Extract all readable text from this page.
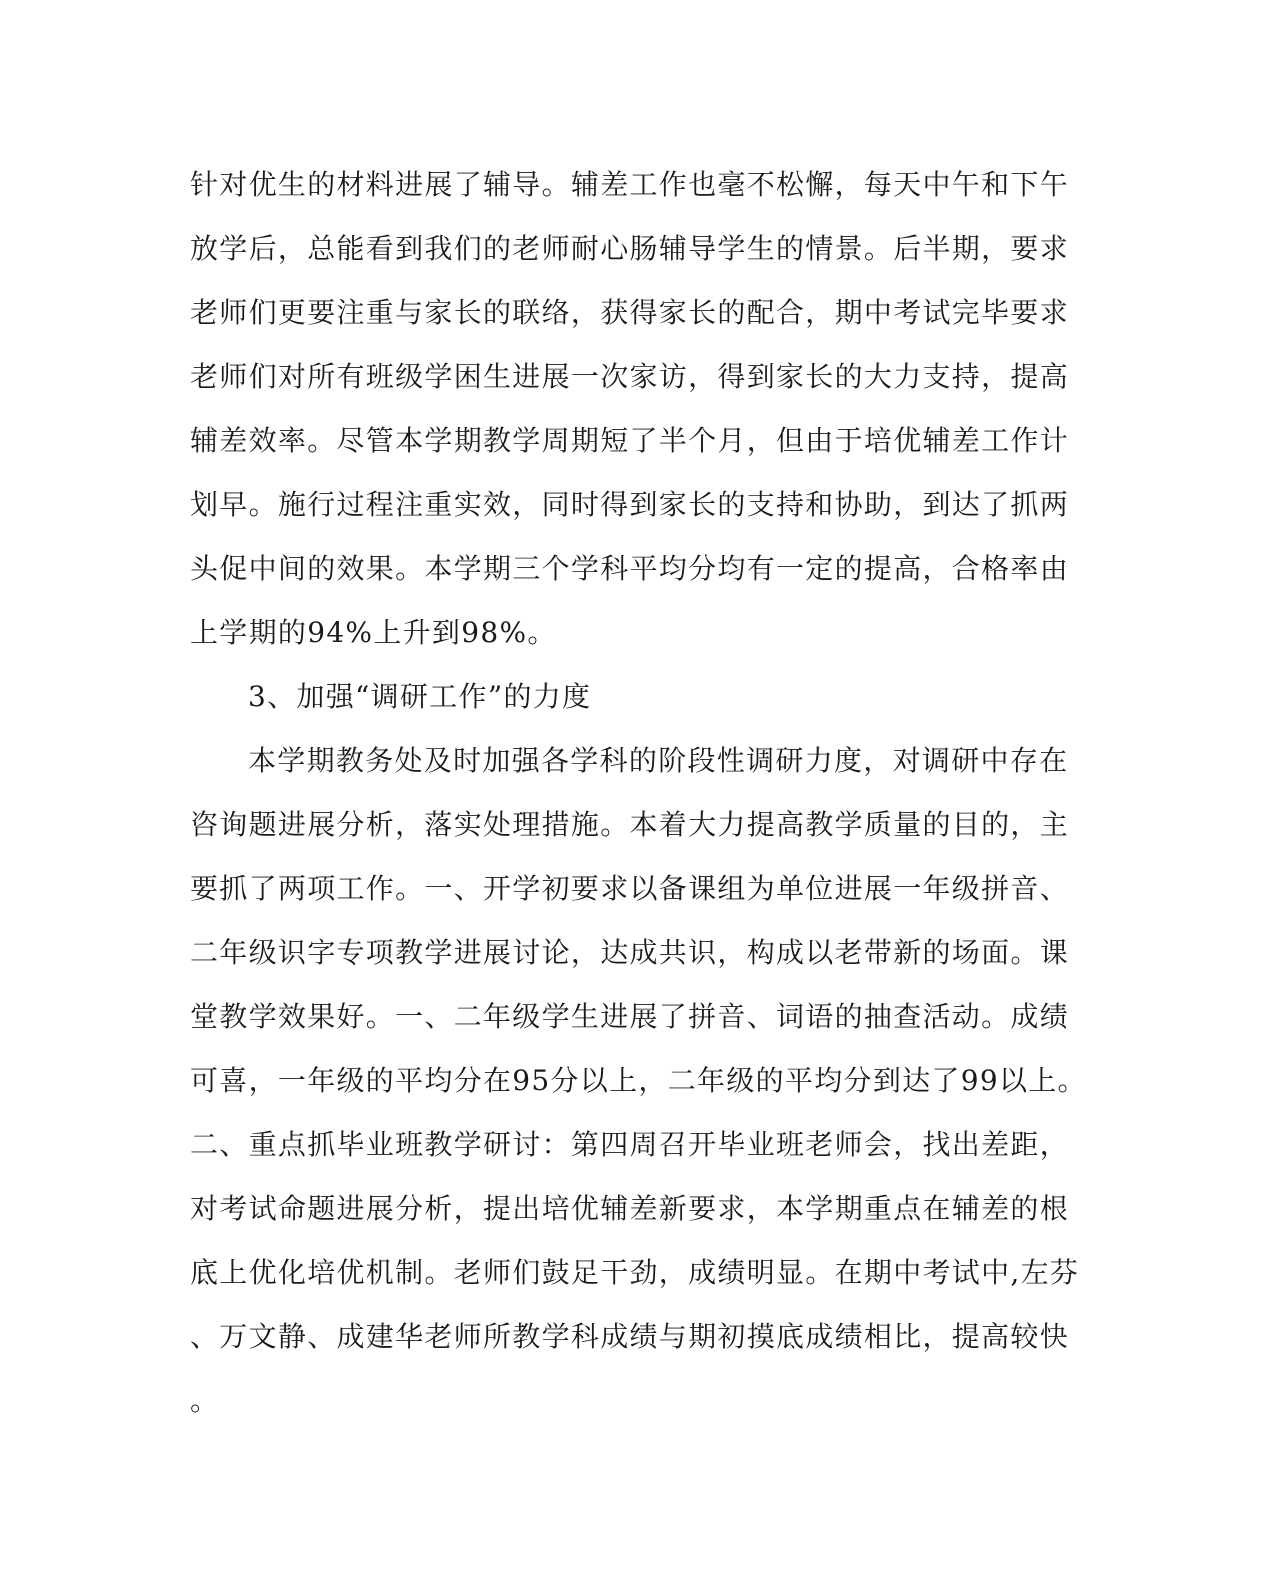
针对优生的材料进展了辅导。辅差工作也毫不松懈，每天中午和下午
放学后，总能看到我们的老师耐心肠辅导学生的情景。后半期，要求
老师们更要注重与家长的联络，获得家长的配合，期中考试完毕要求
老师们对所有班级学困生进展一次家访，得到家长的大力支持，提高
辅差效率。尽管本学期教学周期短了半个月，但由于培优辅差工作计
划早。施行过程注重实效，同时得到家长的支持和协助，到达了抓两
头促中间的效果。本学期三个学科平均分均有一定的提高，合格率由
上学期的94%上升到98%。
3、加强“调研工作”的力度
本学期教务处及时加强各学科的阶段性调研力度，对调研中存在
咨询题进展分析，落实处理措施。本着大力提高教学质量的目的，主
要抓了两项工作。一、开学初要求以备课组为单位进展一年级拼音、
二年级识字专项教学进展讨论，达成共识，构成以老带新的场面。课
堂教学效果好。一、二年级学生进展了拼音、词语的抽查活动。成绩
可喜，一年级的平均分在95分以上，二年级的平均分到达了99以上。
二、重点抓毕业班教学研讨：第四周召开毕业班老师会，找出差距，
对考试命题进展分析，提出培优辅差新要求，本学期重点在辅差的根
底上优化培优机制。老师们鼓足干劲，成绩明显。在期中考试中,左芬
、万文静、成建华老师所教学科成绩与期初摸底成绩相比，提高较快
。
